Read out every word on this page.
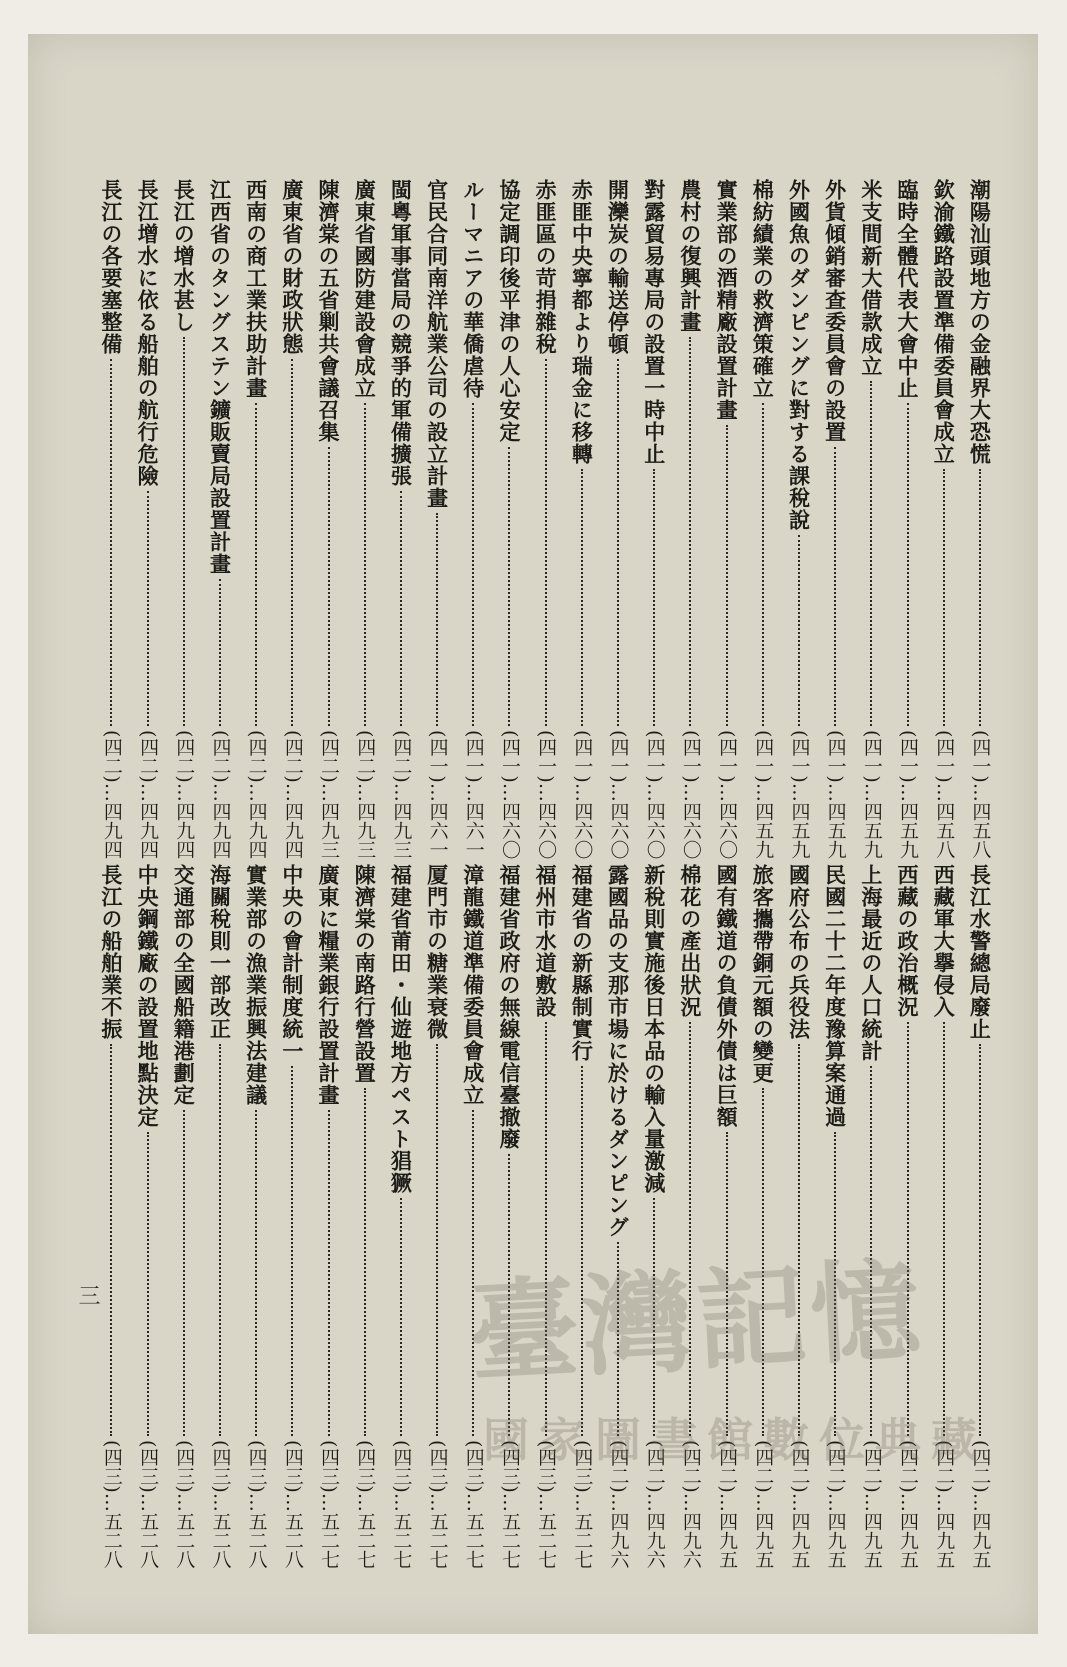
潮陽汕頭地方の金融界大恐慌
(四一)…四五八
欽渝鐵路設置準備委員會成立
(四一)…四五八
臨時全體代表大會中止
(四一)…四五九
米支間新大借款成立
(四一)…四五九
外貨傾銷審查委員會の設置
(四一)…四五九
外國魚のダンピングに對する課稅說
(四一)…四五九
棉紡績業の救濟策確立
(四一)…四五九
實業部の酒精廠設置計畫
(四一)…四六〇
農村の復興計畫
(四一)…四六〇
對露貿易專局の設置一時中止
(四一)…四六〇
開灤炭の輸送停頓
(四一)…四六〇
赤匪中央寧都より瑞金に移轉
(四一)…四六〇
赤匪區の苛捐雜稅
(四一)…四六〇
協定調印後平津の人心安定
(四一)…四六〇
ルーマニアの華僑虐待
(四一)…四六一
官民合同南洋航業公司の設立計畫
(四一)…四六一
閩粵軍事當局の競爭的軍備擴張
(四二)…四九三
廣東省國防建設會成立
(四二)…四九三
陳濟棠の五省剿共會議召集
(四二)…四九三
廣東省の財政狀態
(四二)…四九四
西南の商工業扶助計畫
(四二)…四九四
江西省のタングステン鑛販賣局設置計畫
(四二)…四九四
長江の增水甚し
(四二)…四九四
長江增水に依る船舶の航行危險
(四二)…四九四
長江の各要塞整備
(四二)…四九四
長江水警總局廢止
(四二)…四九五
西藏軍大擧侵入
(四二)…四九五
西藏の政治概況
(四二)…四九五
上海最近の人口統計
(四二)…四九五
民國二十二年度豫算案通過
(四二)…四九五
國府公布の兵役法
(四二)…四九五
旅客攜帶銅元額の變更
(四二)…四九五
國有鐵道の負債外債は巨額
(四二)…四九五
棉花の產出狀況
(四二)…四九六
新稅則實施後日本品の輸入量激減
(四二)…四九六
露國品の支那市場に於けるダンピング
(四二)…四九六
福建省の新縣制實行
(四三)…五二七
福州市水道敷設
(四三)…五二七
福建省政府の無線電信臺撤廢
(四三)…五二七
漳龍鐵道準備委員會成立
(四三)…五二七
厦門市の糖業衰微
(四三)…五二七
福建省莆田・仙遊地方ペスト猖獗
(四三)…五二七
陳濟棠の南路行營設置
(四三)…五二七
廣東に糧業銀行設置計畫
(四三)…五二七
中央の會計制度統一
(四三)…五二八
實業部の漁業振興法建議
(四三)…五二八
海關稅則一部改正
(四三)…五二八
交通部の全國船籍港劃定
(四三)…五二八
中央鋼鐵廠の設置地點決定
(四三)…五二八
長江の船舶業不振
(四三)…五二八
三	臺灣記憶
國家圖書館數位典藏
